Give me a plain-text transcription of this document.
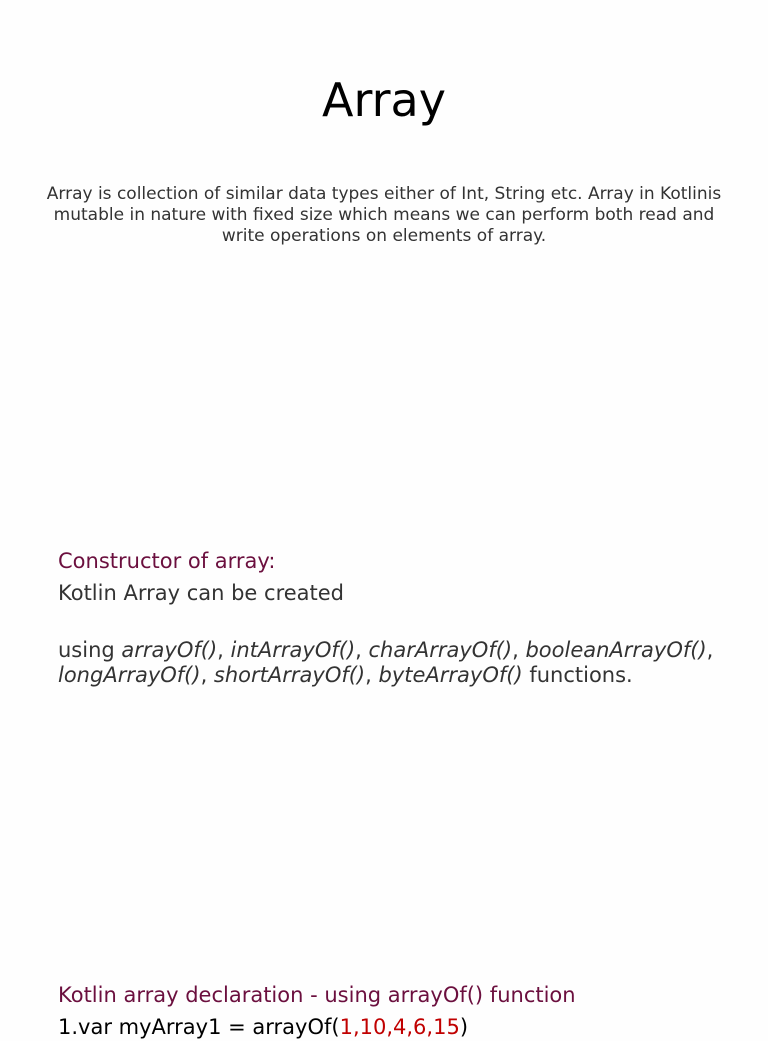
Array

Array is collection of similar data types either of Int, String etc. Array in Kotlinis mutable in nature with fixed size which means we can perform both read and write operations on elements of array.

Constructor of array:

Kotlin Array can be created

using arrayOf(), intArrayOf(), charArrayOf(), booleanArrayOf(), longArrayOf(), shortArrayOf(), byteArrayOf() functions.

Kotlin array declaration - using arrayOf() function

1.var myArray1 = arrayOf(1,10,4,6,15)
